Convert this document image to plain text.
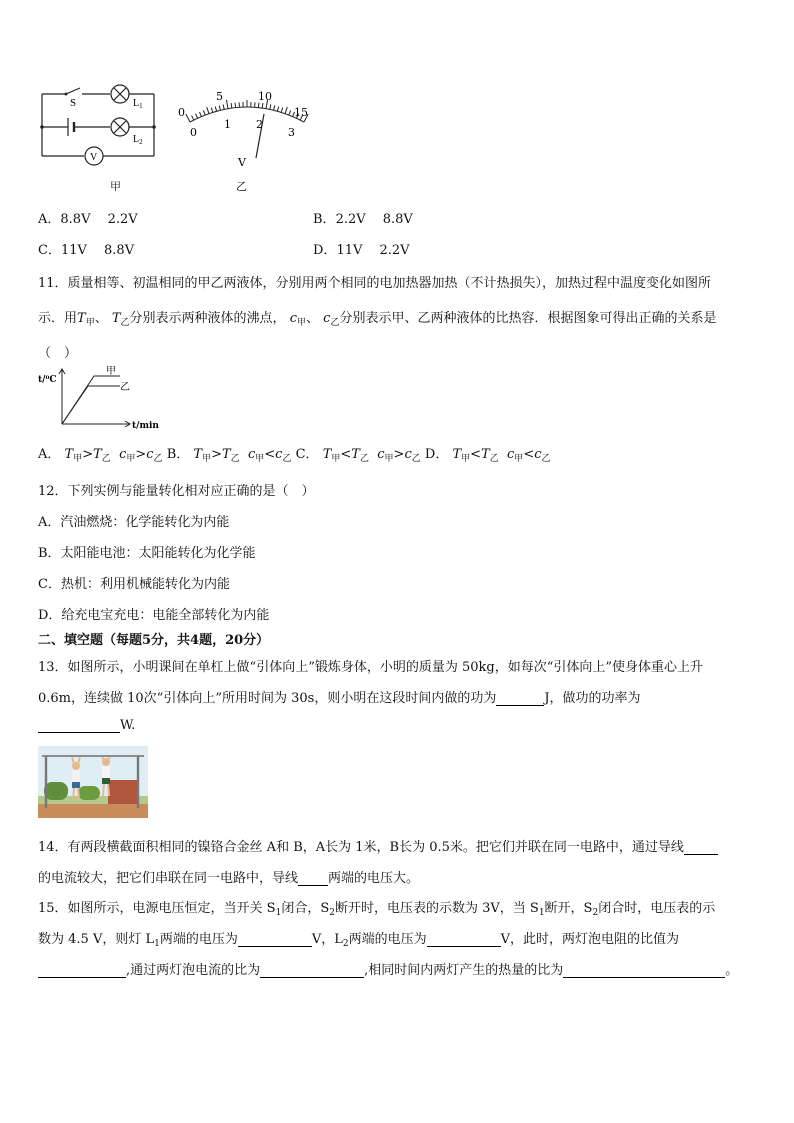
S	$L_1$
$L_2$
V
甲
0
5	10
15
0
1 2
3
V
乙
A．8.8V　 2.2V	B．2.2V　 8.8V
C．11V　 8.8V	D．11V　 2.2V
11．质量相等、初温相同的甲乙两液体，分别用两个相同的电加热器加热（不计热损失），加热过程中温度变化如图所
示．用$T_甲$、 $T_乙$分别表示两种液体的沸点， $c_甲$、 $c_乙$分别表示甲、乙两种液体的比热容．根据图象可得出正确的关系是
（　）
t/⁰C
t/min
甲
乙
A． $T_甲>T_乙$ $c_甲>c_乙$ B． $T_甲>T_乙$ $c_甲<c_乙$ C． $T_甲<T_乙$ $c_甲>c_乙$ D． $T_甲<T_乙$ $c_甲<c_乙$
12．下列实例与能量转化相对应正确的是（　）
A．汽油燃烧：化学能转化为内能
B．太阳能电池：太阳能转化为化学能
C．热机：利用机械能转化为内能
D．给充电宝充电：电能全部转化为内能
二、填空题（每题5分，共4题，20分）
13．如图所示，小明课间在单杠上做“引体向上”锻炼身体，小明的质量为 50kg，如每次“引体向上”使身体重心上升
0.6m，连续做 10次“引体向上”所用时间为 30s，则小明在这段时间内做的功为	J，做功的功率为
W.
14．有两段横截面积相同的镍铬合金丝 A和 B，A长为 1米，B长为 0.5米。把它们并联在同一电路中，通过导线
的电流较大，把它们串联在同一电路中，导线 两端的电压大。
15．如图所示，电源电压恒定，当开关 $S_1$闭合，$S_2$断开时，电压表的示数为 3V，当 $S_1$断开，$S_2$闭合时，电压表的示
数为 4.5 V，则灯 $L_1$两端的电压为	V，$L_2$两端的电压为	V，此时，两灯泡电阻的比值为
,通过两灯泡电流的比为	,相同时间内两灯产生的热量的比为	。
